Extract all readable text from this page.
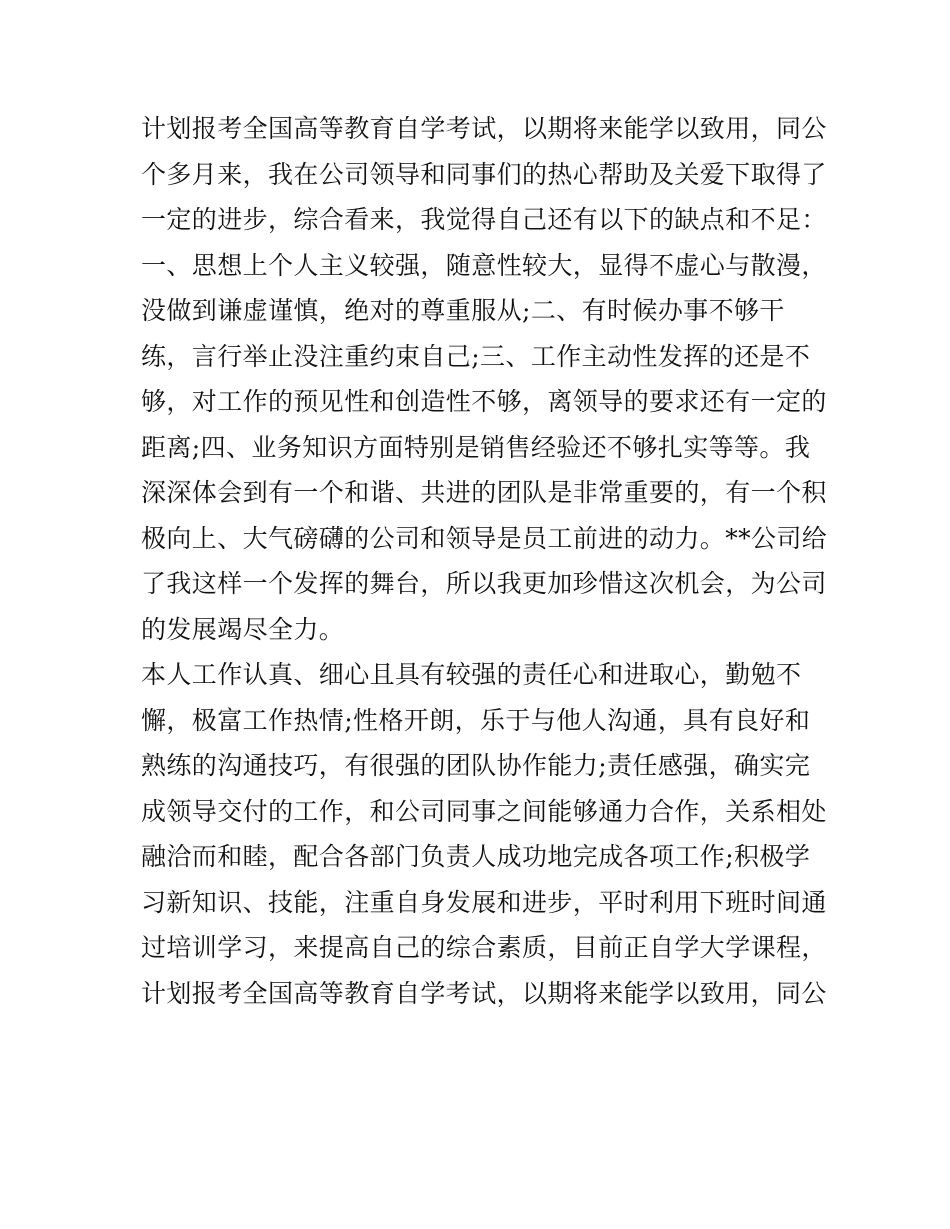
计划报考全国高等教育自学考试，以期将来能学以致用，同公
个多月来，我在公司领导和同事们的热心帮助及关爱下取得了
一定的进步，综合看来，我觉得自己还有以下的缺点和不足：
一、思想上个人主义较强，随意性较大，显得不虚心与散漫，
没做到谦虚谨慎，绝对的尊重服从;二、有时候办事不够干
练，言行举止没注重约束自己;三、工作主动性发挥的还是不
够，对工作的预见性和创造性不够，离领导的要求还有一定的
距离;四、业务知识方面特别是销售经验还不够扎实等等。我
深深体会到有一个和谐、共进的团队是非常重要的，有一个积
极向上、大气磅礴的公司和领导是员工前进的动力。**公司给
了我这样一个发挥的舞台，所以我更加珍惜这次机会，为公司
的发展竭尽全力。
本人工作认真、细心且具有较强的责任心和进取心，勤勉不
懈，极富工作热情;性格开朗，乐于与他人沟通，具有良好和
熟练的沟通技巧，有很强的团队协作能力;责任感强，确实完
成领导交付的工作，和公司同事之间能够通力合作，关系相处
融洽而和睦，配合各部门负责人成功地完成各项工作;积极学
习新知识、技能，注重自身发展和进步，平时利用下班时间通
过培训学习，来提高自己的综合素质，目前正自学大学课程，
计划报考全国高等教育自学考试，以期将来能学以致用，同公
